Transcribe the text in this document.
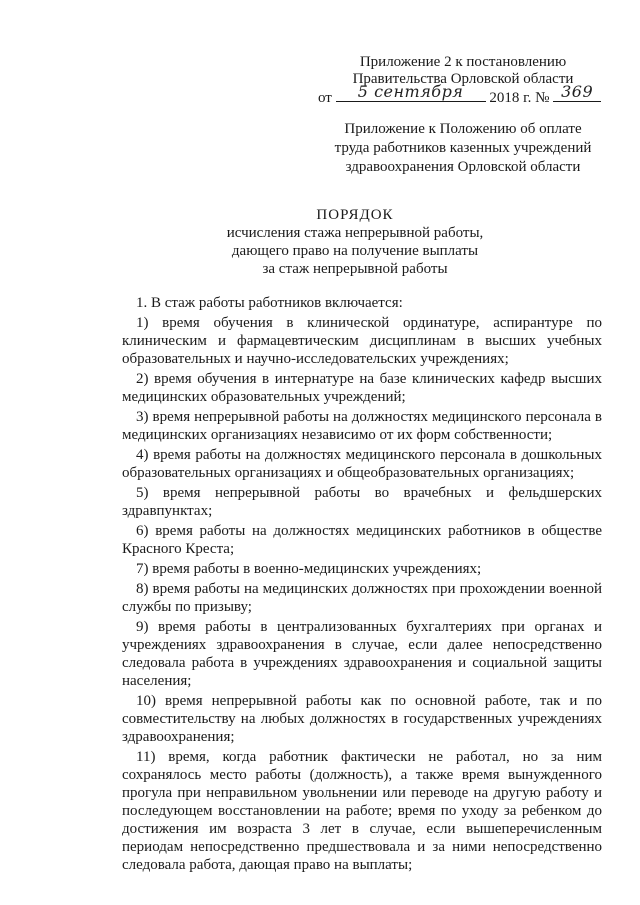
Приложение 2 к постановлению
Правительства Орловской области
от	5 сентября	2018 г. № 369
Приложение к Положению об оплате
труда работников казенных учреждений
здравоохранения Орловской области
ПОРЯДОК
исчисления стажа непрерывной работы,
дающего право на получение выплаты
за стаж непрерывной работы

1. В стаж работы работников включается:

1) время обучения в клинической ординатуре, аспирантуре по клиническим и фармацевтическим дисциплинам в высших учебных образовательных и научно-исследовательских учреждениях;

2) время обучения в интернатуре на базе клинических кафедр высших медицинских образовательных учреждений;

3) время непрерывной работы на должностях медицинского персонала в медицинских организациях независимо от их форм собственности;

4) время работы на должностях медицинского персонала в дошкольных образовательных организациях и общеобразовательных организациях;

5) время непрерывной работы во врачебных и фельдшерских здравпунктах;

6) время работы на должностях медицинских работников в обществе Красного Креста;

7) время работы в военно-медицинских учреждениях;

8) время работы на медицинских должностях при прохождении военной службы по призыву;

9) время работы в централизованных бухгалтериях при органах и учреждениях здравоохранения в случае, если далее непосредственно следовала работа в учреждениях здравоохранения и социальной защиты населения;

10) время непрерывной работы как по основной работе, так и по совместительству на любых должностях в государственных учреждениях здравоохранения;

11) время, когда работник фактически не работал, но за ним сохранялось место работы (должность), а также время вынужденного прогула при неправильном увольнении или переводе на другую работу и последующем восстановлении на работе; время по уходу за ребенком до достижения им возраста 3 лет в случае, если вышеперечисленным периодам непосредственно предшествовала и за ними непосредственно следовала работа, дающая право на выплаты;
